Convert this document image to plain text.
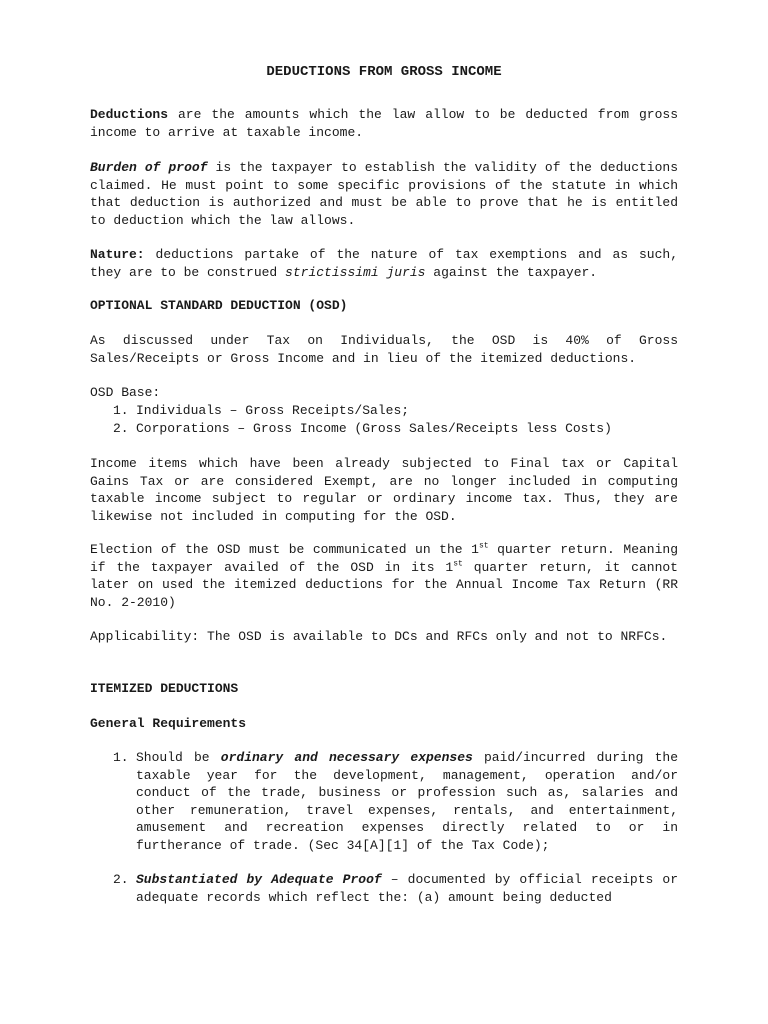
DEDUCTIONS FROM GROSS INCOME

Deductions are the amounts which the law allow to be deducted from gross income to arrive at taxable income.

Burden of proof is the taxpayer to establish the validity of the deductions claimed. He must point to some specific provisions of the statute in which that deduction is authorized and must be able to prove that he is entitled to deduction which the law allows.

Nature: deductions partake of the nature of tax exemptions and as such, they are to be construed strictissimi juris against the taxpayer.

OPTIONAL STANDARD DEDUCTION (OSD)

As discussed under Tax on Individuals, the OSD is 40% of Gross Sales/Receipts or Gross Income and in lieu of the itemized deductions.

OSD Base:

1. Individuals – Gross Receipts/Sales;
2. Corporations – Gross Income (Gross Sales/Receipts less Costs)

Income items which have been already subjected to Final tax or Capital Gains Tax or are considered Exempt, are no longer included in computing taxable income subject to regular or ordinary income tax. Thus, they are likewise not included in computing for the OSD.

Election of the OSD must be communicated un the 1st quarter return. Meaning if the taxpayer availed of the OSD in its 1st quarter return, it cannot later on used the itemized deductions for the Annual Income Tax Return (RR No. 2-2010)

Applicability: The OSD is available to DCs and RFCs only and not to NRFCs.

ITEMIZED DEDUCTIONS

General Requirements

1. Should be ordinary and necessary expenses paid/incurred during the taxable year for the development, management, operation and/or conduct of the trade, business or profession such as, salaries and other remuneration, travel expenses, rentals, and entertainment, amusement and recreation expenses directly related to or in furtherance of trade. (Sec 34[A][1] of the Tax Code);
2. Substantiated by Adequate Proof – documented by official receipts or adequate records which reflect the: (a) amount being deducted
